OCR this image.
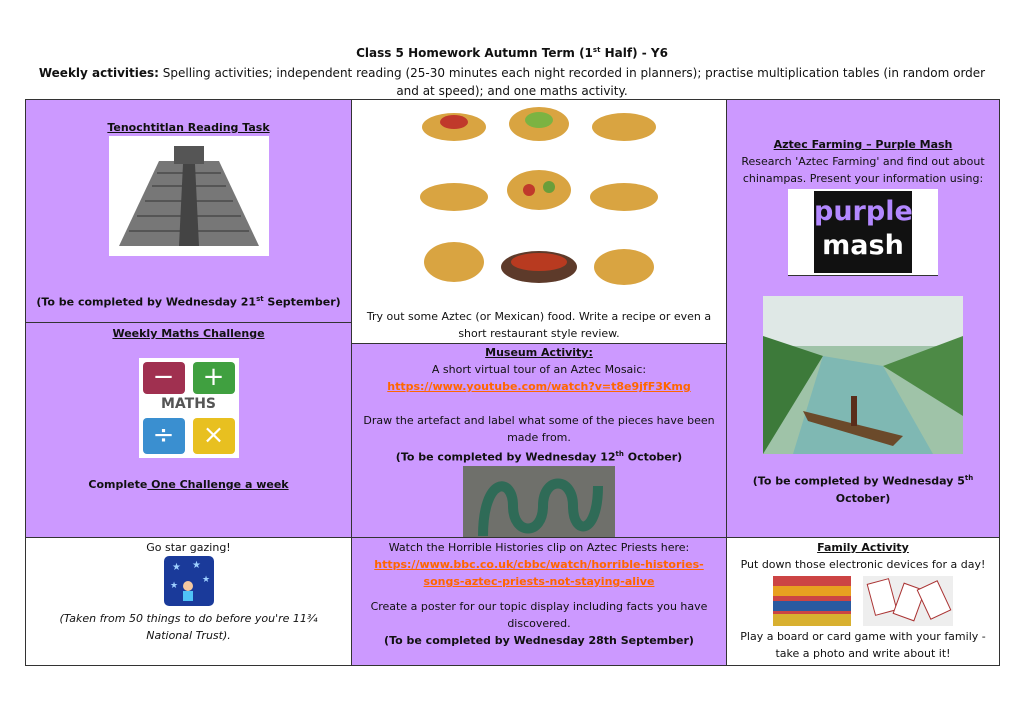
Class 5 Homework Autumn Term (1st Half) - Y6
Weekly activities: Spelling activities; independent reading (25-30 minutes each night recorded in planners); practise multiplication tables (in random order and at speed); and one maths activity.
Tenochtitlan Reading Task
(To be completed by Wednesday 21st September)
Weekly Maths Challenge
−	+
MATHS
÷	×
Complete One Challenge a week
Try out some Aztec (or Mexican) food. Write a recipe or even a short restaurant style review.
Museum Activity:
A short virtual tour of an Aztec Mosaic:
https://www.youtube.com/watch?v=t8e9jfF3Kmg
Draw the artefact and label what some of the pieces have been made from.
(To be completed by Wednesday 12th October)
Aztec Farming – Purple Mash
Research 'Aztec Farming' and find out about chinampas. Present your information using:
purple
mash
(To be completed by Wednesday 5th October)
Go star gazing!
★ ★
★
★
(Taken from 50 things to do before you're 11¾ National Trust).
Watch the Horrible Histories clip on Aztec Priests here:
https://www.bbc.co.uk/cbbc/watch/horrible-histories-songs-aztec-priests-not-staying-alive
Create a poster for our topic display including facts you have discovered.
(To be completed by Wednesday 28th September)
Family Activity
Put down those electronic devices for a day!
Play a board or card game with your family - take a photo and write about it!
